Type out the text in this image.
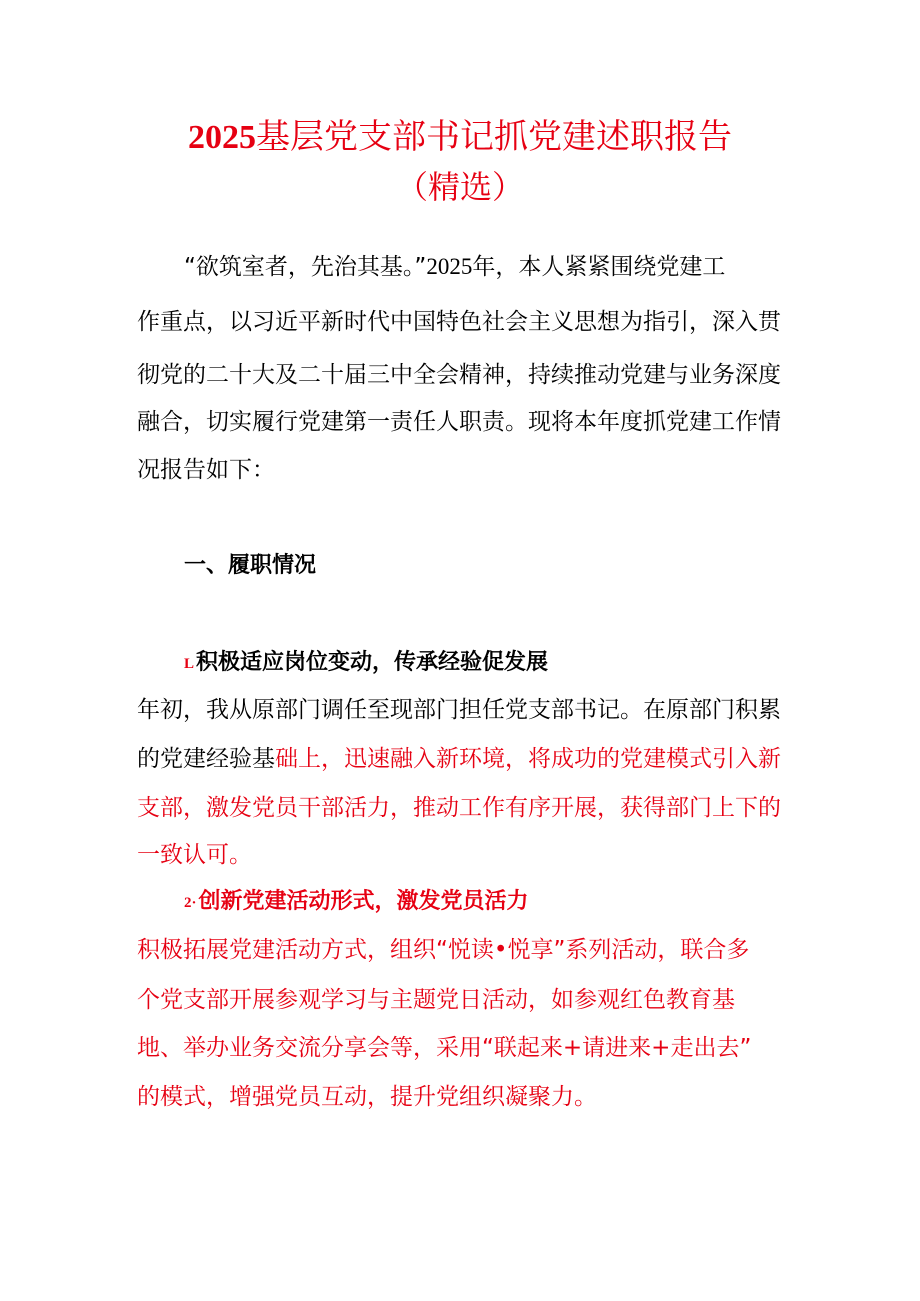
2025基层党支部书记抓党建述职报告
（精选）
“欲筑室者，先治其基。”2025年，本人紧紧围绕党建工
作重点，以习近平新时代中国特色社会主义思想为指引，深入贯
彻党的二十大及二十届三中全会精神，持续推动党建与业务深度
融合，切实履行党建第一责任人职责。现将本年度抓党建工作情
况报告如下：
一、履职情况
L积极适应岗位变动，传承经验促发展
年初，我从原部门调任至现部门担任党支部书记。在原部门积累
的党建经验基础上，迅速融入新环境，将成功的党建模式引入新
支部，激发党员干部活力，推动工作有序开展，获得部门上下的
一致认可。
2·创新党建活动形式，激发党员活力
积极拓展党建活动方式，组织“悦读•悦享”系列活动，联合多
个党支部开展参观学习与主题党日活动，如参观红色教育基
地、举办业务交流分享会等，采用“联起来+请进来+走出去”
的模式，增强党员互动，提升党组织凝聚力。
